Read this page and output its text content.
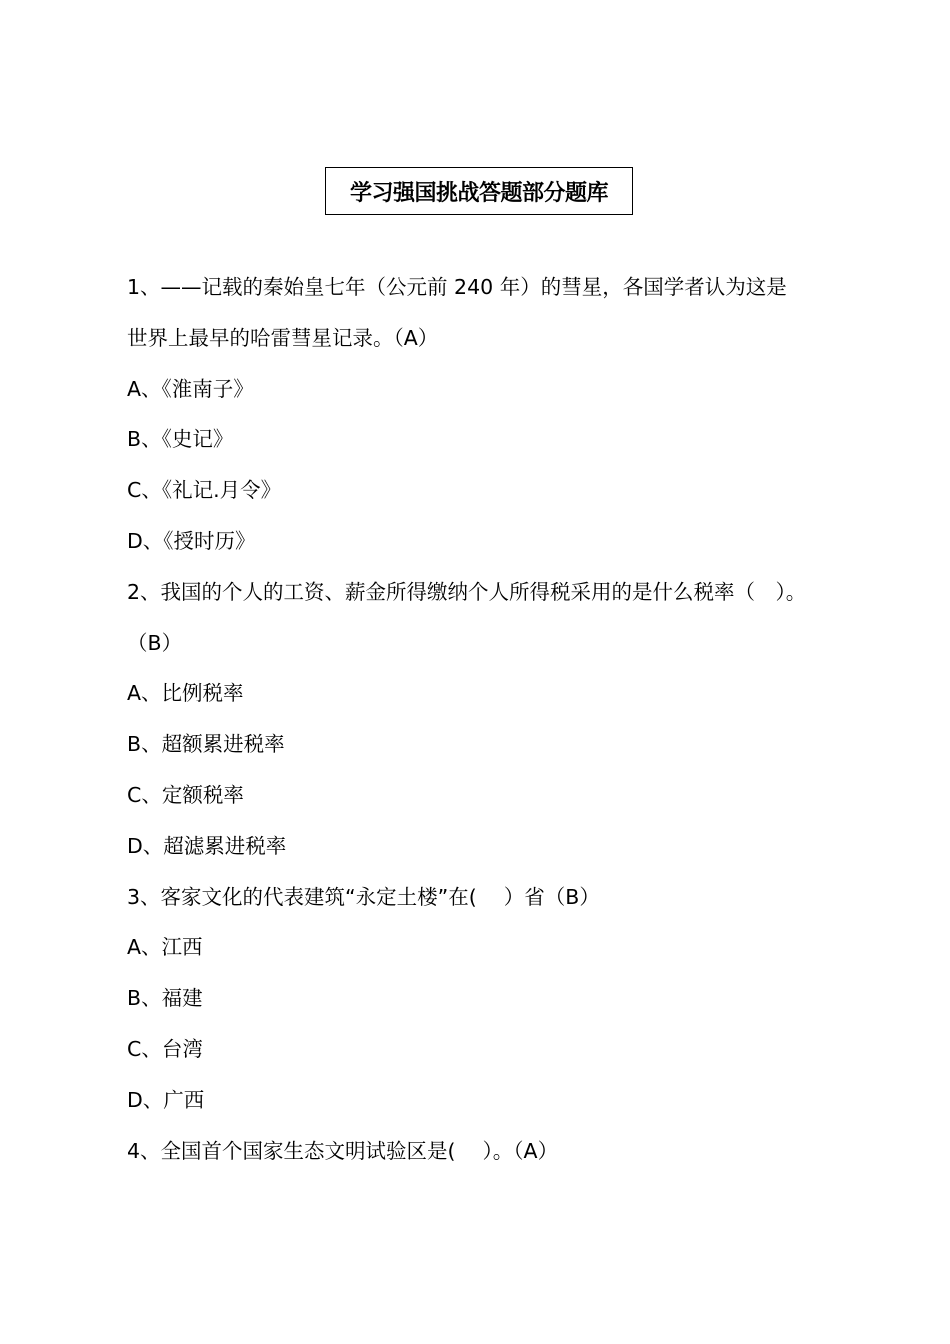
学习强国挑战答题部分题库
1、——记载的秦始皇七年（公元前 240 年）的彗星，各国学者认为这是
世界上最早的哈雷彗星记录。（A）
A、《淮南子》
B、《史记》
C、《礼记.月令》
D、《授时历》
2、我国的个人的工资、薪金所得缴纳个人所得税采用的是什么税率（　）。
（B）
A、比例税率
B、超额累进税率
C、定额税率
D、超滤累进税率
3、客家文化的代表建筑“永定土楼”在(　 ）省（B）
A、江西
B、福建
C、台湾
D、广西
4、全国首个国家生态文明试验区是(　 ）。（A）
